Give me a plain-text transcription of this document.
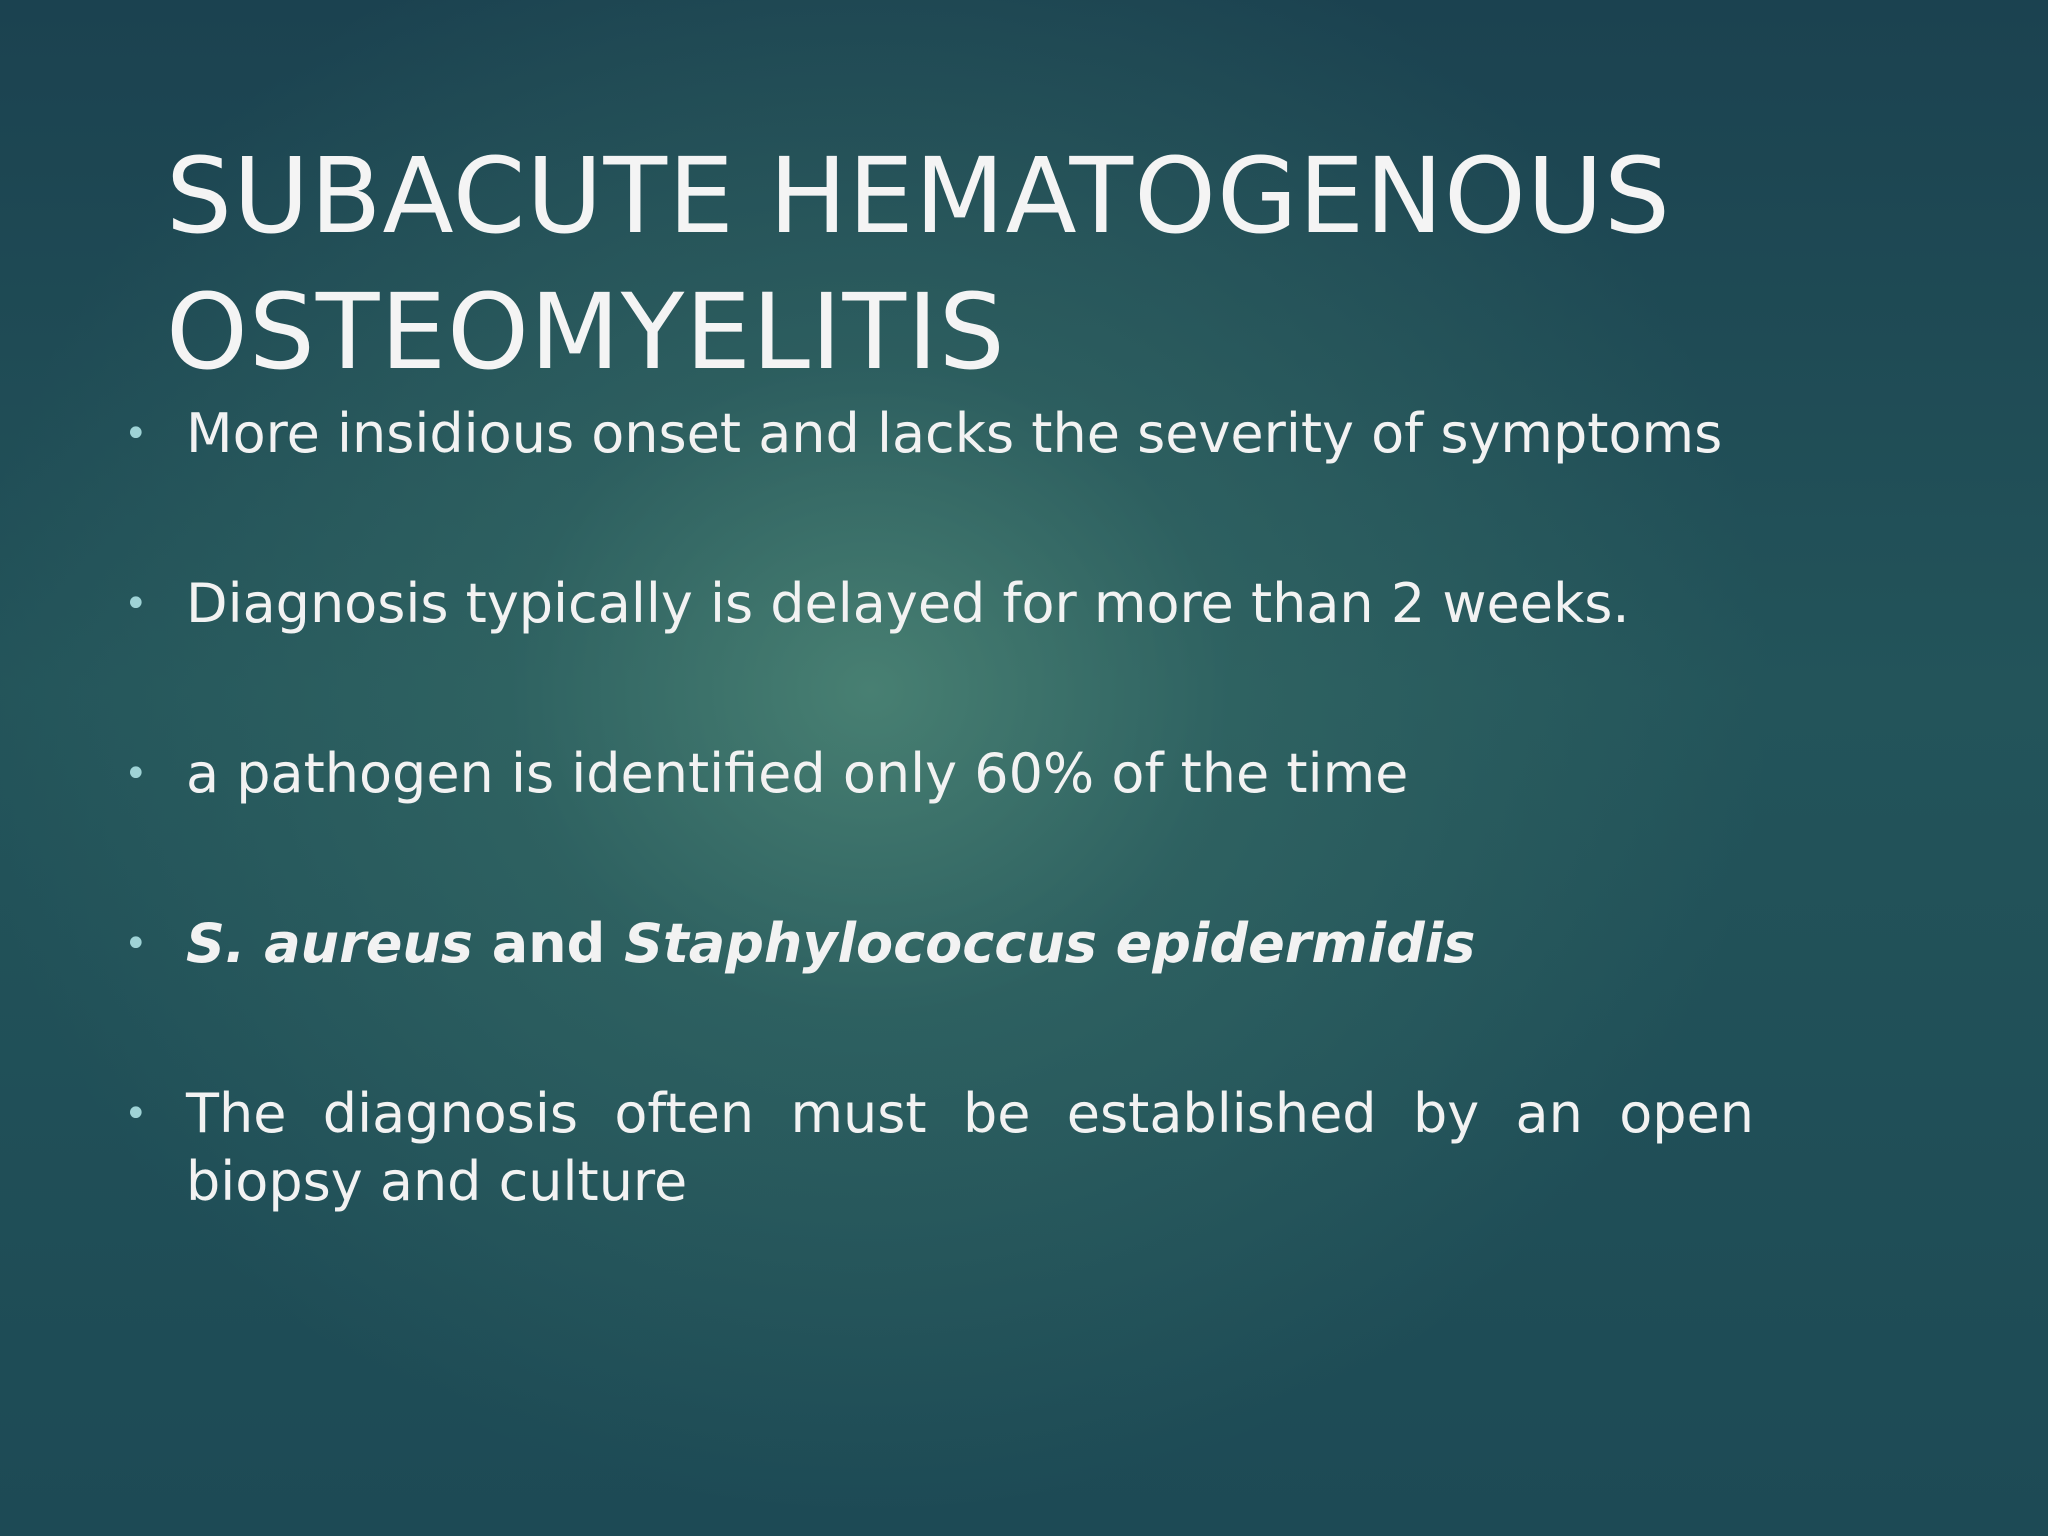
SUBACUTE HEMATOGENOUS
OSTEOMYELITIS
• More insidious onset and lacks the severity of symptoms
• Diagnosis typically is delayed for more than 2 weeks.
• a pathogen is identified only 60% of the time
• S. aureus and Staphylococcus epidermidis
• The diagnosis often must be established by an open biopsy and culture
